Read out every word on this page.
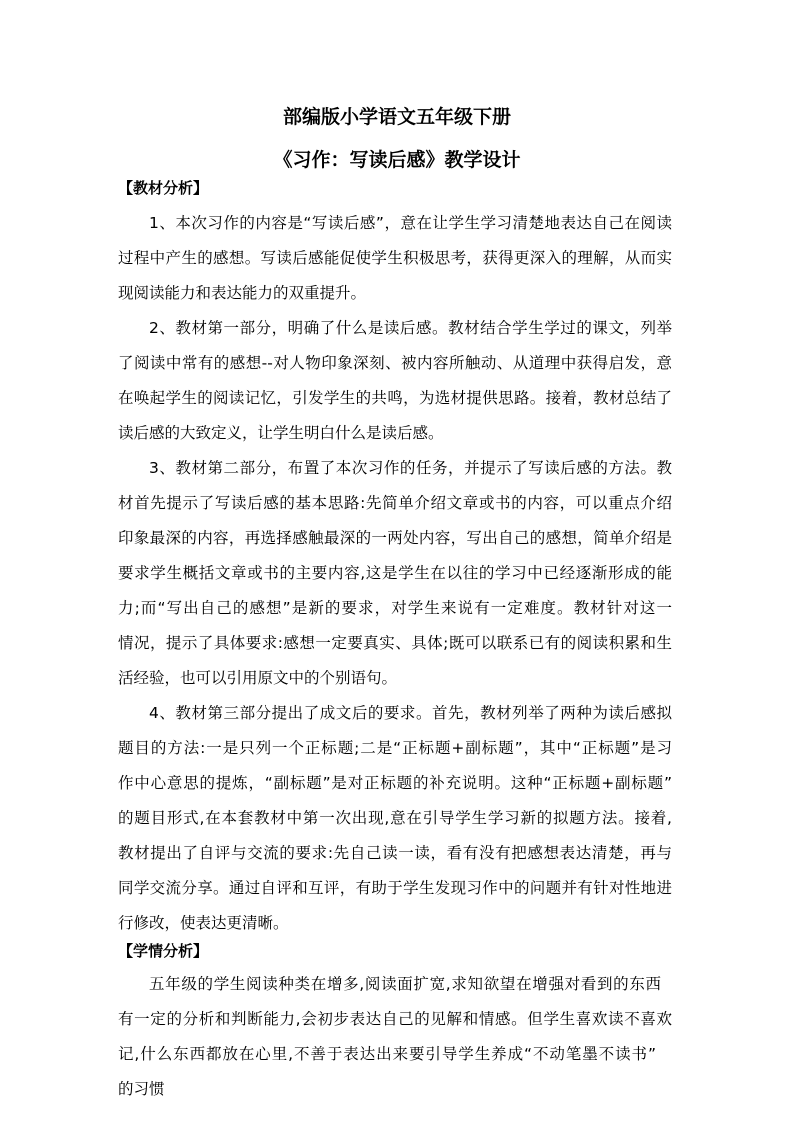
部编版小学语文五年级下册
《习作：写读后感》教学设计
【教材分析】
1、本次习作的内容是“写读后感”，意在让学生学习清楚地表达自己在阅读
过程中产生的感想。写读后感能促使学生积极思考，获得更深入的理解，从而实
现阅读能力和表达能力的双重提升。
2、教材第一部分，明确了什么是读后感。教材结合学生学过的课文，列举
了阅读中常有的感想--对人物印象深刻、被内容所触动、从道理中获得启发，意
在唤起学生的阅读记忆，引发学生的共鸣，为选材提供思路。接着，教材总结了
读后感的大致定义，让学生明白什么是读后感。
3、教材第二部分，布置了本次习作的任务，并提示了写读后感的方法。教
材首先提示了写读后感的基本思路:先简单介绍文章或书的内容，可以重点介绍
印象最深的内容，再选择感触最深的一两处内容，写出自己的感想，简单介绍是
要求学生概括文章或书的主要内容,这是学生在以往的学习中已经逐渐形成的能
力;而“写出自己的感想”是新的要求，对学生来说有一定难度。教材针对这一
情况，提示了具体要求:感想一定要真实、具体;既可以联系已有的阅读积累和生
活经验，也可以引用原文中的个别语句。
4、教材第三部分提出了成文后的要求。首先，教材列举了两种为读后感拟
题目的方法:一是只列一个正标题;二是“正标题+副标题”，其中“正标题”是习
作中心意思的提炼，“副标题”是对正标题的补充说明。这种“正标题+副标题”
的题目形式,在本套教材中第一次出现,意在引导学生学习新的拟题方法。接着,
教材提出了自评与交流的要求:先自己读一读，看有没有把感想表达清楚，再与
同学交流分享。通过自评和互评，有助于学生发现习作中的问题并有针对性地进
行修改，使表达更清晰。
【学情分析】
五年级的学生阅读种类在增多,阅读面扩宽,求知欲望在增强对看到的东西
有一定的分析和判断能力,会初步表达自己的见解和情感。但学生喜欢读不喜欢
记,什么东西都放在心里,不善于表达出来要引导学生养成“不动笔墨不读书”
的习惯
